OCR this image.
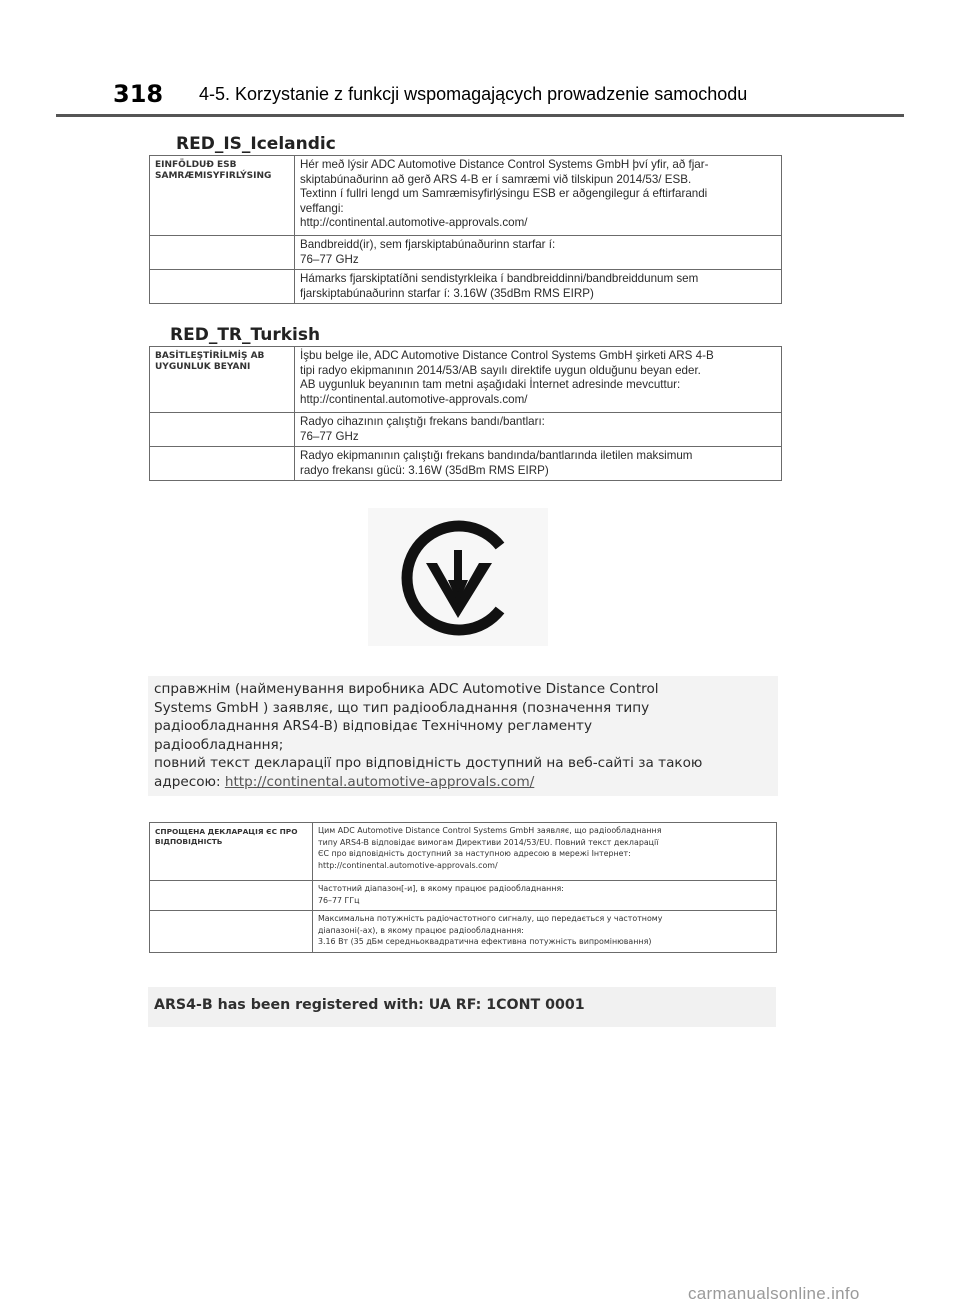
318 4-5. Korzystanie z funkcji wspomagających prowadzenie samochodu
RED_IS_Icelandic
EINFÖLDUÐ ESB SAMRÆMISYFIRLÝSING	Hér með lýsir ADC Automotive Distance Control Systems GmbH því yfir, að fjar-
skiptabúnaðurinn að gerð ARS 4-B er í samræmi við tilskipun 2014/53/ ESB.
Textinn í fullri lengd um Samræmisyfirlýsingu ESB er aðgengilegur á eftirfarandi
veffangi:
http://continental.automotive-approvals.com/

	Bandbreidd(ir), sem fjarskiptabúnaðurinn starfar í:
76–77 GHz

	Hámarks fjarskiptatíðni sendistyrkleika í bandbreiddinni/bandbreiddunum sem
fjarskiptabúnaðurinn starfar í: 3.16W (35dBm RMS EIRP)
RED_TR_Turkish
BASİTLEŞTİRİLMİŞ AB UYGUNLUK BEYANI	İşbu belge ile, ADC Automotive Distance Control Systems GmbH şirketi ARS 4-B
tipi radyo ekipmanının 2014/53/AB sayılı direktife uygun olduğunu beyan eder.
AB uygunluk beyanının tam metni aşağıdaki İnternet adresinde mevcuttur:
http://continental.automotive-approvals.com/

	Radyo cihazının çalıştığı frekans bandı/bantları:
76–77 GHz

	Radyo ekipmanının çalıştığı frekans bandında/bantlarında iletilen maksimum
radyo frekansı gücü: 3.16W (35dBm RMS EIRP)
справжнім (найменування виробника ADC Automotive Distance Control
Systems GmbH ) заявляє, що тип радіообладнання (позначення типу
радіообладнання ARS4-B) відповідає Технічному регламенту
радіообладнання;
повний текст декларації про відповідність доступний на веб-сайті за такою
адресою: http://continental.automotive-approvals.com/
СПРОЩЕНА ДЕКЛАРАЦІЯ ЄС ПРО ВІДПОВІДНІСТЬ	Цим ADC Automotive Distance Control Systems GmbH заявляє, що радіообладнання
типу ARS4-B відповідає вимогам Директиви 2014/53/EU. Повний текст декларації
ЄС про відповідність доступний за наступною адресою в мережі Інтернет:
http://continental.automotive-approvals.com/

	Частотний діапазон[-и], в якому працює радіообладнання:
76–77 ГГц

	Максимальна потужність радіочастотного сигналу, що передається у частотному
діапазоні(-ах), в якому працює радіообладнання:
3.16 Вт (35 дБм середньоквадратична ефективна потужність випромінювання)
ARS4-B has been registered with: UA RF: 1CONT 0001
carmanualsonline.info
